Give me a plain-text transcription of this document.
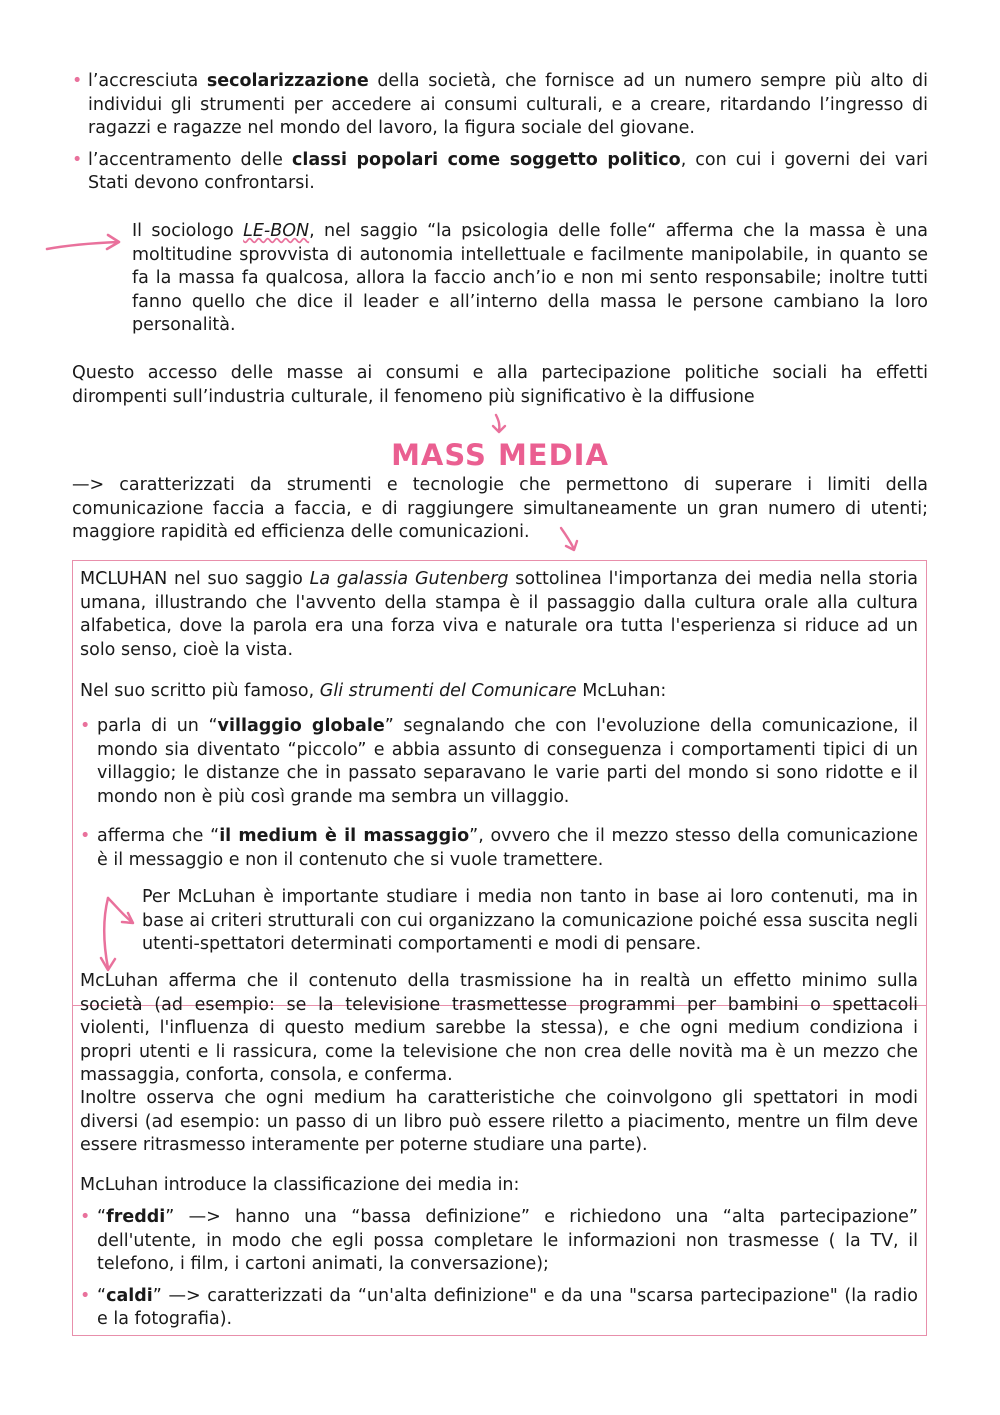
• l’accresciuta secolarizzazione della società, che fornisce ad un numero sempre più alto di individui gli strumenti per accedere ai consumi culturali, e a creare, ritardando l’ingresso di ragazzi e ragazze nel mondo del lavoro, la figura sociale del giovane.
• l’accentramento delle classi popolari come soggetto politico, con cui i governi dei vari Stati devono confrontarsi.

Il sociologo LE-BON, nel saggio “la psicologia delle folle“ afferma che la massa è una moltitudine sprovvista di autonomia intellettuale e facilmente manipolabile, in quanto se fa la massa fa qualcosa, allora la faccio anch’io e non mi sento responsabile; inoltre tutti fanno quello che dice il leader e all’interno della massa le persone cambiano la loro personalità.

Questo accesso delle masse ai consumi e alla partecipazione politiche sociali ha effetti dirompenti sull’industria culturale, il fenomeno più significativo è la diffusione

MASS MEDIA

—> caratterizzati da strumenti e tecnologie che permettono di superare i limiti della comunicazione faccia a faccia, e di raggiungere simultaneamente un gran numero di utenti; maggiore rapidità ed efficienza delle comunicazioni.

MCLUHAN nel suo saggio La galassia Gutenberg sottolinea l'importanza dei media nella storia umana, illustrando che l'avvento della stampa è il passaggio dalla cultura orale alla cultura alfabetica, dove la parola era una forza viva e naturale ora tutta l'esperienza si riduce ad un solo senso, cioè la vista.

Nel suo scritto più famoso, Gli strumenti del Comunicare McLuhan:

• parla di un “villaggio globale” segnalando che con l'evoluzione della comunicazione, il mondo sia diventato “piccolo” e abbia assunto di conseguenza i comportamenti tipici di un villaggio; le distanze che in passato separavano le varie parti del mondo si sono ridotte e il mondo non è più così grande ma sembra un villaggio.
• afferma che “il medium è il massaggio”, ovvero che il mezzo stesso della comunicazione è il messaggio e non il contenuto che si vuole tramettere.

Per McLuhan è importante studiare i media non tanto in base ai loro contenuti, ma in base ai criteri strutturali con cui organizzano la comunicazione poiché essa suscita negli utenti-spettatori determinati comportamenti e modi di pensare.

McLuhan afferma che il contenuto della trasmissione ha in realtà un effetto minimo sulla società (ad esempio: se la televisione trasmettesse programmi per bambini o spettacoli violenti, l'influenza di questo medium sarebbe la stessa), e che ogni medium condiziona i propri utenti e li rassicura, come la televisione che non crea delle novità ma è un mezzo che massaggia, conforta, consola, e conferma.

Inoltre osserva che ogni medium ha caratteristiche che coinvolgono gli spettatori in modi diversi (ad esempio: un passo di un libro può essere riletto a piacimento, mentre un film deve essere ritrasmesso interamente per poterne studiare una parte).

McLuhan introduce la classificazione dei media in:

• “freddi” —> hanno una “bassa definizione” e richiedono una “alta partecipazione” dell'utente, in modo che egli possa completare le informazioni non trasmesse ( la TV, il telefono, i film, i cartoni animati, la conversazione);
• “caldi” —> caratterizzati da “un'alta definizione" e da una "scarsa partecipazione" (la radio e la fotografia).
